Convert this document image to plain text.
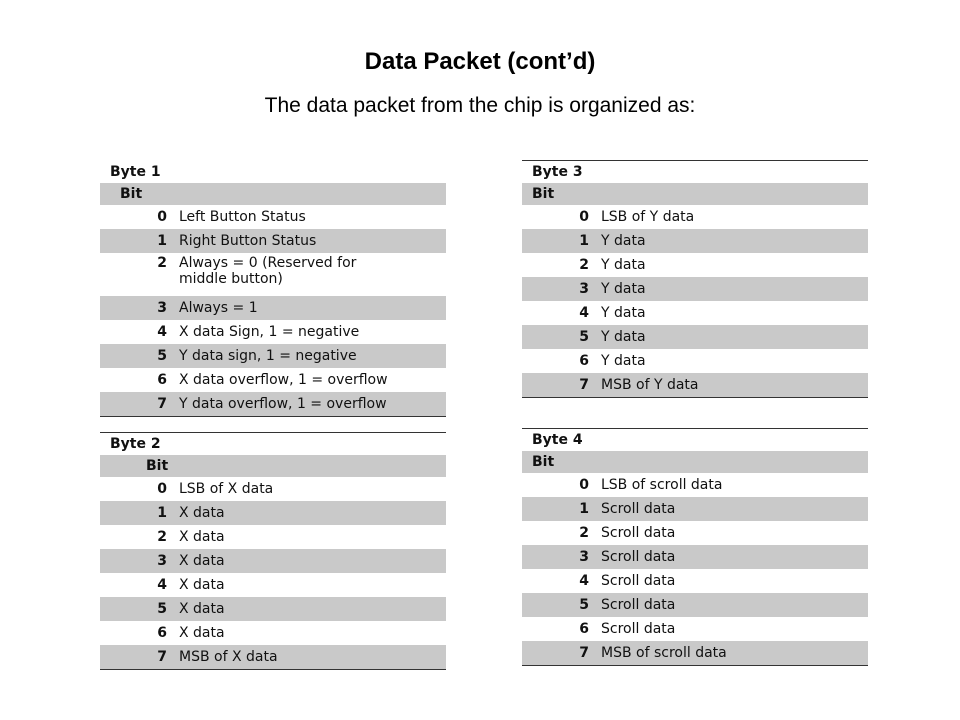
Data Packet (cont’d)
The data packet from the chip is organized as:
Byte 1	
Bit	
0	Left Button Status
1	Right Button Status
2	Always = 0 (Reserved for middle button)
3	Always = 1
4	X data Sign, 1 = negative
5	Y data sign, 1 = negative
6	X data overflow, 1 = overflow
7	Y data overflow, 1 = overflow
Byte 2	
Bit	
0	LSB of X data
1	X data
2	X data
3	X data
4	X data
5	X data
6	X data
7	MSB of X data
Byte 3	
Bit	
0	LSB of Y data
1	Y data
2	Y data
3	Y data
4	Y data
5	Y data
6	Y data
7	MSB of Y data
Byte 4	
Bit	
0	LSB of scroll data
1	Scroll data
2	Scroll data
3	Scroll data
4	Scroll data
5	Scroll data
6	Scroll data
7	MSB of scroll data
